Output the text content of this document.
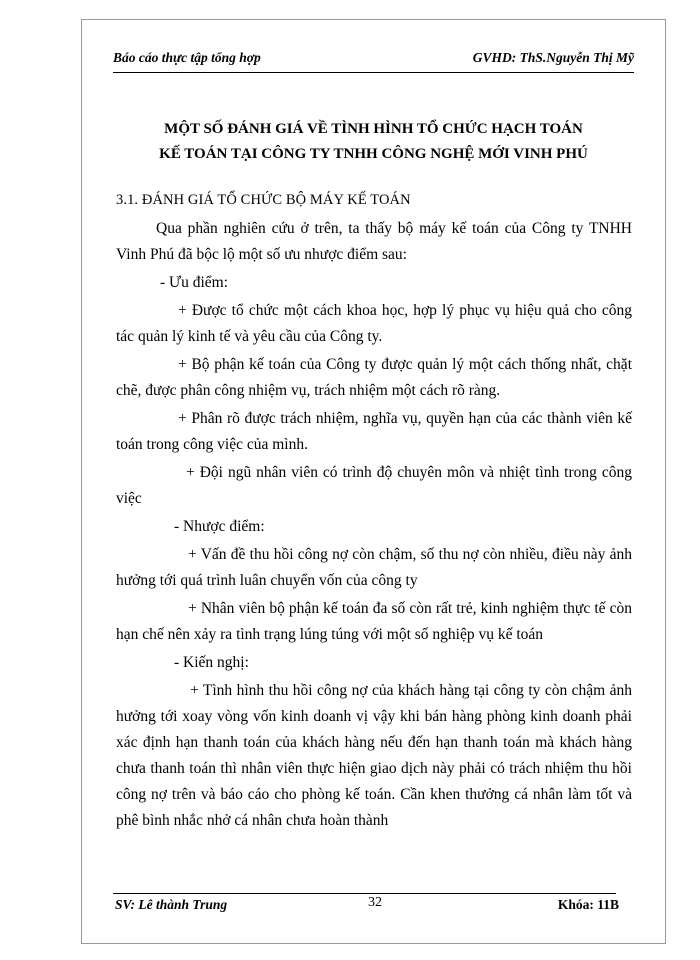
Báo cáo thực tập tổng hợp	GVHD: ThS.Nguyễn Thị Mỹ
MỘT SỐ ĐÁNH GIÁ VỀ TÌNH HÌNH TỔ CHỨC HẠCH TOÁN
KẾ TOÁN TẠI CÔNG TY TNHH CÔNG NGHỆ MỚI VINH PHÚ
3.1. ĐÁNH GIÁ TỔ CHỨC BỘ MÁY KẾ TOÁN

Qua phần nghiên cứu ở trên, ta thấy bộ máy kế toán của Công ty TNHH Vinh Phú đã bộc lộ một số ưu nhược điểm sau:

- Ưu điểm:

+ Được tổ chức một cách khoa học, hợp lý phục vụ hiệu quả cho công tác quản lý kinh tế và yêu cầu của Công ty.

+ Bộ phận kế toán của Công ty được quản lý một cách thống nhất, chặt chẽ, được phân công nhiệm vụ, trách nhiệm một cách rõ ràng.

+ Phân rõ được trách nhiệm, nghĩa vụ, quyền hạn của các thành viên kế toán trong công việc của mình.

+ Đội ngũ nhân viên có trình độ chuyên môn và nhiệt tình trong công việc

- Nhược điểm:

+ Vấn đề thu hồi công nợ còn chậm, số thu nợ còn nhiều, điều này ảnh hưởng tới quá trình luân chuyển vốn của công ty

+ Nhân viên bộ phận kế toán đa số còn rất trẻ, kinh nghiệm thực tế còn hạn chế nên xảy ra tình trạng lúng túng với một số nghiệp vụ kế toán

- Kiến nghị:

+ Tình hình thu hồi công nợ của khách hàng tại công ty còn chậm ảnh hưởng tới xoay vòng vốn kinh doanh vị vậy khi bán hàng phòng kinh doanh phải xác định hạn thanh toán của khách hàng nếu đến hạn thanh toán mà khách hàng chưa thanh toán thì nhân viên thực hiện giao dịch này phải có trách nhiệm thu hồi công nợ trên và báo cáo cho phòng kế toán. Cần khen thưởng cá nhân làm tốt và phê bình nhắc nhở cá nhân chưa hoàn thành

SV: Lê thành Trung	32	Khóa: 11B
